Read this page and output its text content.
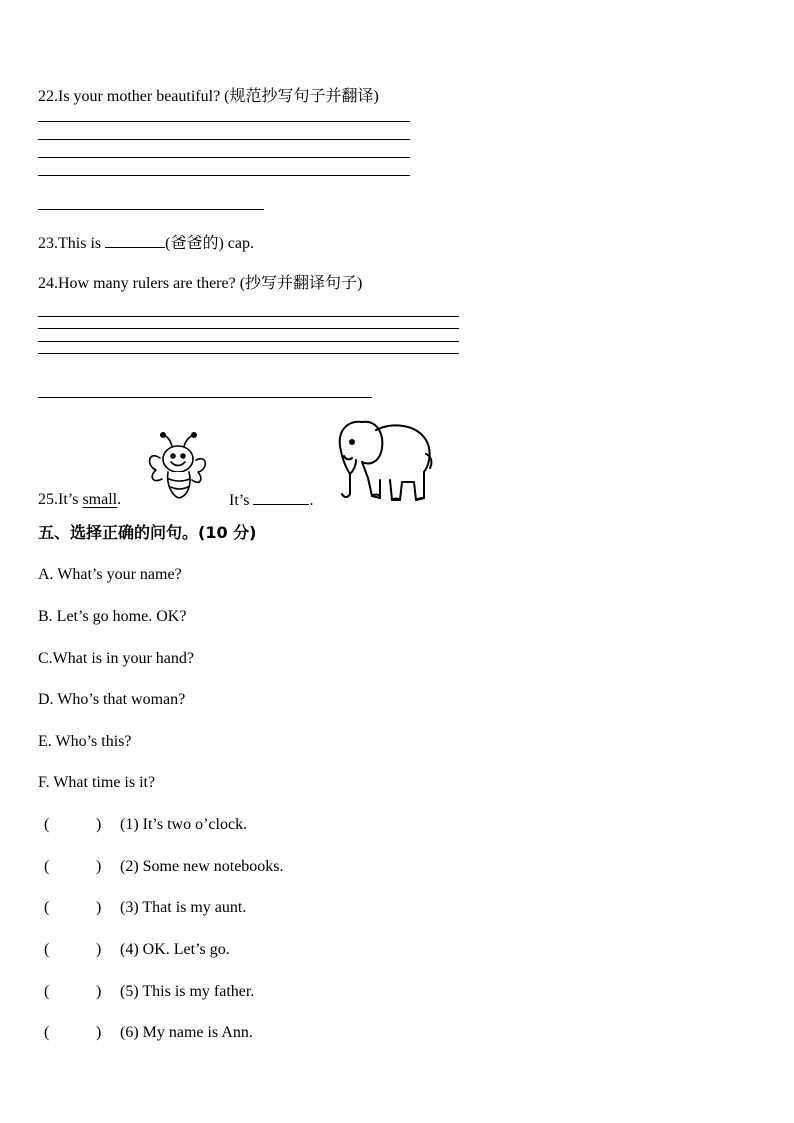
22.Is your mother beautiful? (规范抄写句子并翻译)
23.This is	(爸爸的) cap.
24.How many rulers are there? (抄写并翻译句子)
25.It’s small.	It’s	.
五、选择正确的问句。(10 分)
A. What’s your name?
B. Let’s go home. OK?
C.What is in your hand?
D. Who’s that woman?
E. Who’s this?
F. What time is it?
(	) (1) It’s two o’clock.
(	) (2) Some new notebooks.
(	) (3) That is my aunt.
(	) (4) OK. Let’s go.
(	) (5) This is my father.
(	) (6) My name is Ann.
